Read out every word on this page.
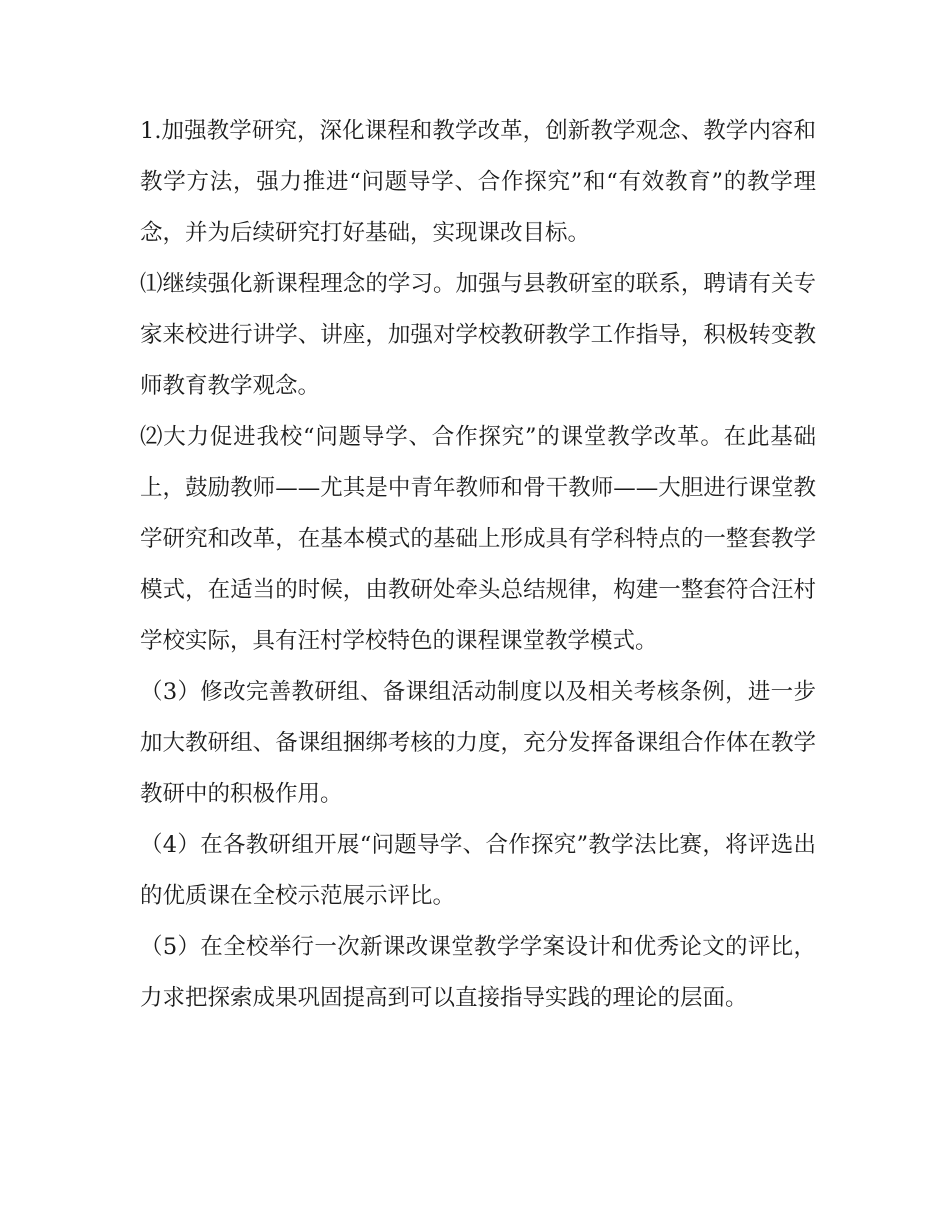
1.加强教学研究，深化课程和教学改革，创新教学观念、教学内容和教学方法，强力推进“问题导学、合作探究”和“有效教育”的教学理念，并为后续研究打好基础，实现课改目标。

⑴继续强化新课程理念的学习。加强与县教研室的联系，聘请有关专家来校进行讲学、讲座，加强对学校教研教学工作指导，积极转变教师教育教学观念。

⑵大力促进我校“问题导学、合作探究”的课堂教学改革。在此基础上，鼓励教师——尤其是中青年教师和骨干教师——大胆进行课堂教学研究和改革，在基本模式的基础上形成具有学科特点的一整套教学模式，在适当的时候，由教研处牵头总结规律，构建一整套符合汪村学校实际，具有汪村学校特色的课程课堂教学模式。

（3）修改完善教研组、备课组活动制度以及相关考核条例，进一步加大教研组、备课组捆绑考核的力度，充分发挥备课组合作体在教学教研中的积极作用。

（4）在各教研组开展“问题导学、合作探究”教学法比赛，将评选出的优质课在全校示范展示评比。

（5）在全校举行一次新课改课堂教学学案设计和优秀论文的评比，力求把探索成果巩固提高到可以直接指导实践的理论的层面。
